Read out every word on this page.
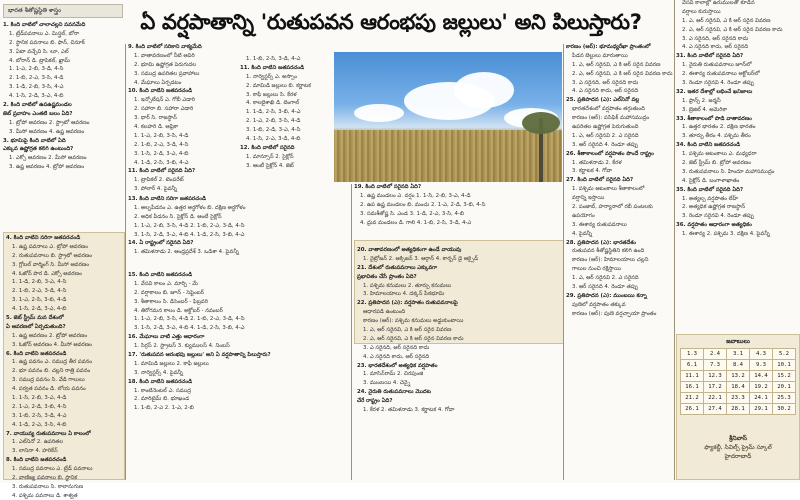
భారత శీతోష్ణస్థితి శాస్త్రం	ఏ వర్షపాతాన్ని 'రుతుపవన ఆరంభపు జల్లులు' అని పిలుస్తారు?

1. కింది వాటిలో చాలాచల్లని పవనమేది

1. ట్రేడ్‌పవనాలు ఎ. మిస్త్రల్, బోరా

2. స్థానిక పవనాలు బి. ఫాన్, చినూక్

3. ఏటా వచ్చేవి సి. లూ, ఎల్

4. బోరాన్ డి. ట్రాపికల్, ఖ్రామ్

1. 1-ఎ, 2-బి, 3-డి, 4-సి

2. 1-బి, 2-ఎ, 3-సి, 4-డి

3. 1-డి, 2-బి, 3-సి, 4-ఎ

4. 1-సి, 2-డి, 3-ఎ, 4-బి

2. కింది వాటిలో ఉపఉష్ణమండల

జెట్ ప్రవాహం ఎంతటి బలం ఏది?

1. ట్రోపో ఆవరణం 2. స్ట్రాటో ఆవరణం

3. మీసో ఆవరణం 4. ఉష్ణ ఆవరణం

3. భూమిపై కింది వాటిలో ఏది

ఎక్కువ ఉష్ణోగ్రత కలిగి ఉంటుంది?

1. ఎక్సో ఆవరణం 2. మీసో ఆవరణం

3. ఉష్ణ ఆవరణం 4. ట్రోపో ఆవరణం

4. కింది వాటిని సరిగా జతపరచండి

1. ఉష్ణ పవనాలు ఎ. ట్రోపో ఆవరణం

2. రుతుపవనాలు బి. స్ట్రాటో ఆవరణం

3. గ్లోబల్ వార్మింగ్ సి. మీసో ఆవరణం

4. ఓజోన్ పొర డి. ఎక్సో ఆవరణం

1. 1-డి, 2-బి, 3-ఎ, 4-సి

2. 1-బి, 2-ఎ, 3-డి, 4-సి

3. 1-ఎ, 2-సి, 3-బి, 4-డి

4. 1-సి, 2-డి, 3-ఎ, 4-బి

5. జెట్ స్ట్రీమ్ మన దేశంలో

ఏ ఆవరణలో ఏర్పడుతుంది?

1. ఉష్ణ ఆవరణం 2. ట్రోపో ఆవరణం

3. ఓజోన్ ఆవరణం 4. మీసో ఆవరణం

6. కింది వాటిని జతపరచండి

1. ఉష్ణ పవనం ఎ. సముద్ర తీర పవనం

2. భూ పవనం బి. చల్లని రాత్రి పవనం

3. సముద్ర పవనం సి. వేడి గాలులు

4. పర్వత పవనం డి. లోయ పవనం

1. 1-సి, 2-బి, 3-ఎ, 4-డి

2. 1-ఎ, 2-డి, 3-బి, 4-సి

3. 1-బి, 2-సి, 3-డి, 4-ఎ

4. 1-డి, 2-ఎ, 3-సి, 4-బి

7. వాయువ్య రుతుపవనాలు ఏ కాలంలో

1. ఎల్‌నినో 2. ఉపరితల

3. లానినా 4. హరికేన్

8. కింది వాటిని జతపరచండి

1. సముద్ర పవనాలు ఎ. ట్రేడ్ పవనాలు

2. వాణిజ్య పవనాలు బి. స్థానిక

3. రుతుపవనాలు సి. కాలానుగుణ

4. పశ్చిమ పవనాలు డి. శాశ్వత

9. కింది వాటిలో సరికాని వాక్యమేది

1. వాతావరణంలో నీటి ఆవిరి

2. భూమి ఉష్ణోగ్రత పెరుగుదల

3. సముద్ర ఉపరితల ప్రవాహాలు

4. మేఘాలు ఏర్పడటం

10. కింది వాటిని జతపరచండి

1. ఇన్సోలేషన్ ఎ. గోబీ ఎడారి

2. సహారా బి. సహారా ఎడారి

3. థార్ సి. రాజస్థాన్

4. కలహరి డి. ఆఫ్రికా

1. 1-ఎ, 2-బి, 3-సి, 4-డి

2. 1-బి, 2-ఎ, 3-డి, 4-సి

3. 1-సి, 2-డి, 3-ఎ, 4-బి

4. 1-డి, 2-సి, 3-బి, 4-ఎ

11. కింది వాటిలో సరైనది ఏది?

1. ట్రాపికల్ 2. టెంపరేట్

3. పోలార్ 4. పైవన్నీ

1. 1-బి, 2-సి, 3-డి, 4-ఎ

11. కింది వాటిని జతపరచండి

1. నార్వెస్టర్స్ ఎ. అస్సాం

2. మామిడి జల్లులు బి. కర్ణాటక

3. కాఫీ జల్లులు సి. కేరళ

4. కాలబైశాఖి డి. బెంగాల్

1. 1-డి, 2-సి, 3-బి, 4-ఎ

2. 1-ఎ, 2-బి, 3-సి, 4-డి

3. 1-బి, 2-డి, 3-ఎ, 4-సి

4. 1-సి, 2-ఎ, 3-డి, 4-బి

12. కింది వాటిలో సరైనది

1. మాన్సూన్ 2. సైక్లోన్

3. ఆంటీ సైక్లోన్ 4. జెట్

19. కింది వాటిలో సరైనది ఏది?

1. ఉష్ణ మండలం ఎ. వర్షం 1. 1-సి, 2-బి, 3-ఎ, 4-డి

2. ఉప ఉష్ణ మండలం బి. మంచు 2. 1-ఎ, 2-డి, 3-బి, 4-సి

3. సమశీతోష్ణ సి. ఎండ 3. 1-డి, 2-ఎ, 3-సి, 4-బి

4. ధ్రువ మండలం డి. గాలి 4. 1-బి, 2-సి, 3-డి, 4-ఎ

13. కింది వాటిని సరిగా జతపరచండి

1. అల్పపీడనం ఎ. ఉత్తర అర్ధగోళం బి. దక్షిణ అర్ధగోళం

2. అధిక పీడనం సి. సైక్లోన్ డి. ఆంటీ సైక్లోన్

1. 1-ఎ, 2-బి, 3-సి, 4-డి 2. 1-బి, 2-ఎ, 3-డి, 4-సి

3. 1-సి, 2-డి, 3-ఎ, 4-బి 4. 1-డి, 2-సి, 3-బి, 4-ఎ

14. ఏ రాష్ట్రంలో సరైనది ఏది?

1. తమిళనాడు 2. ఆంధ్రప్రదేశ్ 3. ఒడిశా 4. పైవన్నీ

15. కింది వాటిని జతపరచండి

1. వేసవి కాలం ఎ. మార్చి - మే

2. వర్షాకాలం బి. జూన్ - సెప్టెంబర్

3. శీతాకాలం సి. డిసెంబర్ - ఫిబ్రవరి

4. తిరోగమన కాలం డి. అక్టోబర్ - నవంబర్

1. 1-ఎ, 2-బి, 3-సి, 4-డి 2. 1-బి, 2-ఎ, 3-డి, 4-సి

3. 1-సి, 2-డి, 3-ఎ, 4-బి 4. 1-డి, 2-సి, 3-బి, 4-ఎ

16. మేఘాలు వాటి ఎత్తు ఆధారంగా

1. సిర్రస్ 2. స్ట్రాటస్ 3. క్యుములస్ 4. నింబస్

17. 'రుతుపవన ఆరంభపు జల్లులు' అని ఏ వర్షపాతాన్ని పిలుస్తారు?

1. మామిడి జల్లులు 2. కాఫీ జల్లులు

3. నార్వెస్టర్స్ 4. పైవన్నీ

18. కింది వాటిని జతపరచండి

1. కాంటినెంటల్ ఎ. సముద్ర

2. మారిటైమ్ బి. భూఖండ

1. 1-బి, 2-ఎ 2. 1-ఎ, 2-బి

20. వాతావరణంలో అత్యధికంగా ఉండే వాయువు

1. నైట్రోజన్ 2. ఆక్సిజన్ 3. ఆర్గాన్ 4. కార్బన్ డై ఆక్సైడ్

21. దేశంలో రుతుపవనాలు ఎక్కువగా

ప్రభావితం చేసే ప్రాంతం ఏది?

1. పశ్చిమ కనుమలు 2. తూర్పు కనుమలు

3. హిమాలయాలు 4. దక్కన్ పీఠభూమి

22. ప్రతిపాదన (ఎ): వర్షపాతం రుతుపవనాలపై

ఆధారపడి ఉంటుంది

కారణం (ఆర్): పశ్చిమ కనుమలు అడ్డుకుంటాయి

1. ఎ, ఆర్ సరైనవి, ఎ కి ఆర్ సరైన వివరణ

2. ఎ, ఆర్ సరైనవి, ఎ కి ఆర్ సరైన వివరణ కాదు

3. ఎ సరైనది, ఆర్ సరైనది కాదు

4. ఎ సరైనది కాదు, ఆర్ సరైనది

23. భారతదేశంలో అత్యధిక వర్షపాతం

1. మాసిన్‌రామ్ 2. చిరపుంజి

3. ముంబయి 4. చెన్నై

24. నైరుతి రుతుపవనాలు మొదట

చేరే రాష్ట్రం ఏది?

1. కేరళ 2. తమిళనాడు 3. కర్ణాటక 4. గోవా

కారణం (ఆర్): భూమధ్యరేఖా ప్రాంతంలో

పీడన బెల్టులు మారుతాయి

1. ఎ, ఆర్ సరైనవి, ఎ కి ఆర్ సరైన వివరణ

2. ఎ, ఆర్ సరైనవి, ఎ కి ఆర్ సరైన వివరణ కాదు

3. ఎ సరైనది, ఆర్ సరైనది కాదు

4. ఎ సరైనది కాదు, ఆర్ సరైనది

25. ప్రతిపాదన (ఎ): ఎల్‌నినో వల్ల

భారతదేశంలో వర్షపాతం తగ్గుతుంది

కారణం (ఆర్): పసిఫిక్ మహాసముద్రం

ఉపరితల ఉష్ణోగ్రత పెరుగుతుంది

1. ఎ, ఆర్ సరైనవి 2. ఎ సరైనది

3. ఆర్ సరైనది 4. రెండూ తప్పు

26. శీతాకాలంలో వర్షపాతం పొందే రాష్ట్రం

1. తమిళనాడు 2. కేరళ

3. కర్ణాటక 4. గోవా

27. కింది వాటిలో సరైనది ఏది?

1. పశ్చిమ ఆటంకాలు శీతాకాలంలో

వర్షాన్ని ఇస్తాయి

2. పంజాబ్, హర్యానాలో రబీ పంటలకు

ఉపయోగం

3. ఈశాన్య రుతుపవనాలు

4. పైవన్నీ

28. ప్రతిపాదన (ఎ): భారతదేశం

రుతుపవన శీతోష్ణస్థితిని కలిగి ఉంది

కారణం (ఆర్): హిమాలయాలు చల్లని

గాలుల నుంచి రక్షిస్తాయి

1. ఎ, ఆర్ సరైనవి 2. ఎ సరైనది

3. ఆర్ సరైనది 4. రెండూ తప్పు

29. ప్రతిపాదన (ఎ): ముంబయి కన్నా

పుణెలో వర్షపాతం తక్కువ

కారణం (ఆర్): పుణె వర్షచ్ఛాయా ప్రాంతం

వేసవి కాలాల్లో ఉరుములతో కూడిన

వర్షాలు కురుస్తాయి

1. ఎ, ఆర్ సరైనవి, ఎ కి ఆర్ సరైన వివరణ

2. ఎ, ఆర్ సరైనవి, ఎ కి ఆర్ సరైన వివరణ కాదు

3. ఎ సరైనది, ఆర్ సరైనది కాదు

4. ఎ సరైనది కాదు, ఆర్ సరైనది

31. కింది వాటిలో సరైనది ఏది?

1. నైరుతి రుతుపవనాలు జూన్‌లో

2. ఈశాన్య రుతుపవనాలు అక్టోబర్‌లో

3. రెండూ సరైనవి 4. రెండూ తప్పు

32. ఇతర దేశాల్లో లభించే ఖనిజాలు

1. ఫ్రాన్స్ 2. జర్మనీ

3. బ్రెజిల్ 4. అమెరికా

33. శీతాకాలంలో పొడి వాతావరణం

1. ఉత్తర భారతం 2. దక్షిణ భారతం

3. తూర్పు తీరం 4. పశ్చిమ తీరం

34. కింది వాటిని జతపరచండి

1. పశ్చిమ ఆటంకాలు ఎ. మధ్యధరా

2. జెట్ స్ట్రీమ్ బి. ట్రోపో ఆవరణం

3. రుతుపవనాలు సి. హిందూ మహాసముద్రం

4. సైక్లోన్ డి. బంగాళాఖాతం

35. కింది వాటిలో సరైనది ఏది?

1. అత్యల్ప వర్షపాతం లేహ్

2. అత్యధిక ఉష్ణోగ్రత రాజస్థాన్

3. రెండూ సరైనవి 4. రెండూ తప్పు

36. వర్షపాతం ఆధారంగా అత్యధికం

1. ఈశాన్య 2. పశ్చిమ 3. దక్షిణ 4. పైవన్నీ

జవాబులు
1.3	2.4	3.1	4.3	5.2
6.1	7.3	8.4	9.3	10.1
11.1	12.3	13.2	14.4	15.2
16.1	17.2	18.4	19.2	20.1
21.2	22.1	23.3	24.1	25.3
26.1	27.4	28.1	29.1	30.2
శ్రీనివాస్
ఫ్యాకల్టీ, సివిల్స్ ప్రైమ్ స్కూల్
హైదరాబాద్
